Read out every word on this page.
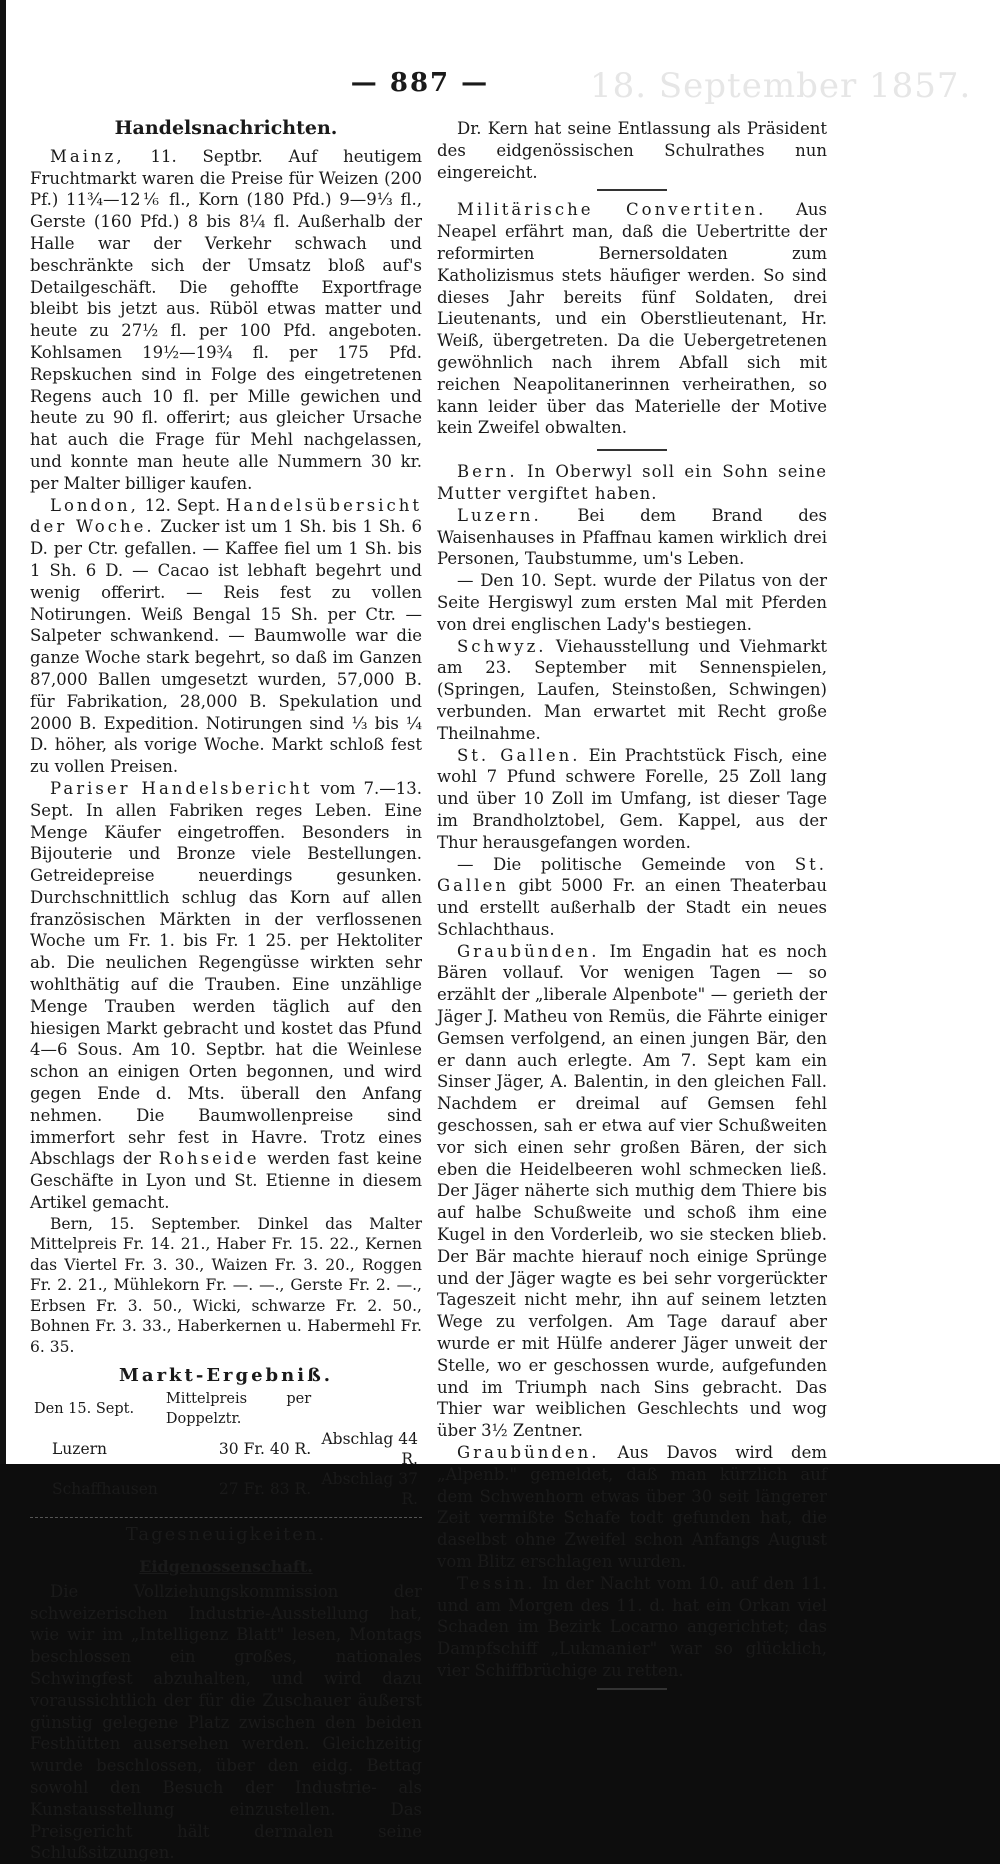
18. September 1857.
— 887 —
Handelsnachrichten.

Mainz, 11. Septbr. Auf heutigem Fruchtmarkt waren die Preise für Weizen (200 Pf.) 11¾—12⅙ fl., Korn (180 Pfd.) 9—9⅓ fl., Gerste (160 Pfd.) 8 bis 8¼ fl. Außerhalb der Halle war der Verkehr schwach und beschränkte sich der Umsatz bloß auf's Detailgeschäft. Die gehoffte Exportfrage bleibt bis jetzt aus. Rüböl etwas matter und heute zu 27½ fl. per 100 Pfd. angeboten. Kohlsamen 19½—19¾ fl. per 175 Pfd. Repskuchen sind in Folge des eingetretenen Regens auch 10 fl. per Mille gewichen und heute zu 90 fl. offerirt; aus gleicher Ursache hat auch die Frage für Mehl nachgelassen, und konnte man heute alle Nummern 30 kr. per Malter billiger kaufen.

London, 12. Sept. Handelsübersicht der Woche. Zucker ist um 1 Sh. bis 1 Sh. 6 D. per Ctr. gefallen. — Kaffee fiel um 1 Sh. bis 1 Sh. 6 D. — Cacao ist lebhaft begehrt und wenig offerirt. — Reis fest zu vollen Notirungen. Weiß Bengal 15 Sh. per Ctr. — Salpeter schwankend. — Baumwolle war die ganze Woche stark begehrt, so daß im Ganzen 87,000 Ballen umgesetzt wurden, 57,000 B. für Fabrikation, 28,000 B. Spekulation und 2000 B. Expedition. Notirungen sind ⅓ bis ¼ D. höher, als vorige Woche. Markt schloß fest zu vollen Preisen.

Pariser Handelsbericht vom 7.—13. Sept. In allen Fabriken reges Leben. Eine Menge Käufer eingetroffen. Besonders in Bijouterie und Bronze viele Bestellungen. Getreidepreise neuerdings gesunken. Durchschnittlich schlug das Korn auf allen französischen Märkten in der verflossenen Woche um Fr. 1. bis Fr. 1 25. per Hektoliter ab. Die neulichen Regengüsse wirkten sehr wohlthätig auf die Trauben. Eine unzählige Menge Trauben werden täglich auf den hiesigen Markt gebracht und kostet das Pfund 4—6 Sous. Am 10. Septbr. hat die Weinlese schon an einigen Orten begonnen, und wird gegen Ende d. Mts. überall den Anfang nehmen. Die Baumwollenpreise sind immerfort sehr fest in Havre. Trotz eines Abschlags der Rohseide werden fast keine Geschäfte in Lyon und St. Etienne in diesem Artikel gemacht.

Bern, 15. September. Dinkel das Malter Mittelpreis Fr. 14. 21., Haber Fr. 15. 22., Kernen das Viertel Fr. 3. 30., Waizen Fr. 3. 20., Roggen Fr. 2. 21., Mühlekorn Fr. —. —., Gerste Fr. 2. —., Erbsen Fr. 3. 50., Wicki, schwarze Fr. 2. 50., Bohnen Fr. 3. 33., Haberkernen u. Habermehl Fr. 6. 35.

Markt-Ergebniß.
Den 15. Sept.	Mittelpreis per Doppelztr.	
Luzern	30 Fr. 40 R.	Abschlag 44 R.
Schaffhausen	27 Fr. 83 R.	Abschlag 37 R.
Tagesneuigkeiten.
Eidgenossenschaft.

Die Vollziehungskommission der schweizerischen Industrie-Ausstellung hat, wie wir im „Intelligenz Blatt" lesen, Montags beschlossen ein großes, nationales Schwingfest abzuhalten, und wird dazu voraussichtlich der für die Zuschauer äußerst günstig gelegene Platz zwischen den beiden Festhütten ausersehen werden. Gleichzeitig wurde beschlossen, über den eidg. Bettag sowohl den Besuch der Industrie- als Kunstausstellung einzustellen. Das Preisgericht hält dermalen seine Schlußsitzungen.

Dr. Kern hat seine Entlassung als Präsident des eidgenössischen Schulrathes nun eingereicht.

Militärische Convertiten. Aus Neapel erfährt man, daß die Uebertritte der reformirten Bernersoldaten zum Katholizismus stets häufiger werden. So sind dieses Jahr bereits fünf Soldaten, drei Lieutenants, und ein Oberstlieutenant, Hr. Weiß, übergetreten. Da die Uebergetretenen gewöhnlich nach ihrem Abfall sich mit reichen Neapolitanerinnen verheirathen, so kann leider über das Materielle der Motive kein Zweifel obwalten.

Bern. In Oberwyl soll ein Sohn seine Mutter vergiftet haben.

Luzern. Bei dem Brand des Waisenhauses in Pfaffnau kamen wirklich drei Personen, Taubstumme, um's Leben.

— Den 10. Sept. wurde der Pilatus von der Seite Hergiswyl zum ersten Mal mit Pferden von drei englischen Lady's bestiegen.

Schwyz. Viehausstellung und Viehmarkt am 23. September mit Sennenspielen, (Springen, Laufen, Steinstoßen, Schwingen) verbunden. Man erwartet mit Recht große Theilnahme.

St. Gallen. Ein Prachtstück Fisch, eine wohl 7 Pfund schwere Forelle, 25 Zoll lang und über 10 Zoll im Umfang, ist dieser Tage im Brandholztobel, Gem. Kappel, aus der Thur herausgefangen worden.

— Die politische Gemeinde von St. Gallen gibt 5000 Fr. an einen Theaterbau und erstellt außerhalb der Stadt ein neues Schlachthaus.

Graubünden. Im Engadin hat es noch Bären vollauf. Vor wenigen Tagen — so erzählt der „liberale Alpenbote" — gerieth der Jäger J. Matheu von Remüs, die Fährte einiger Gemsen verfolgend, an einen jungen Bär, den er dann auch erlegte. Am 7. Sept kam ein Sinser Jäger, A. Balentin, in den gleichen Fall. Nachdem er dreimal auf Gemsen fehl geschossen, sah er etwa auf vier Schußweiten vor sich einen sehr großen Bären, der sich eben die Heidelbeeren wohl schmecken ließ. Der Jäger näherte sich muthig dem Thiere bis auf halbe Schußweite und schoß ihm eine Kugel in den Vorderleib, wo sie stecken blieb. Der Bär machte hierauf noch einige Sprünge und der Jäger wagte es bei sehr vorgerückter Tageszeit nicht mehr, ihn auf seinem letzten Wege zu verfolgen. Am Tage darauf aber wurde er mit Hülfe anderer Jäger unweit der Stelle, wo er geschossen wurde, aufgefunden und im Triumph nach Sins gebracht. Das Thier war weiblichen Geschlechts und wog über 3½ Zentner.

Graubünden. Aus Davos wird dem „Alpenb." gemeldet, daß man kürzlich auf dem Schwenhorn etwas über 30 seit längerer Zeit vermißte Schafe todt gefunden hat, die daselbst ohne Zweifel schon Anfangs August vom Blitz erschlagen wurden.

Tessin. In der Nacht vom 10. auf den 11. und am Morgen des 11. d. hat ein Orkan viel Schaden im Bezirk Locarno angerichtet; das Dampfschiff „Lukmanier" war so glücklich, vier Schiffbrüchige zu retten.
